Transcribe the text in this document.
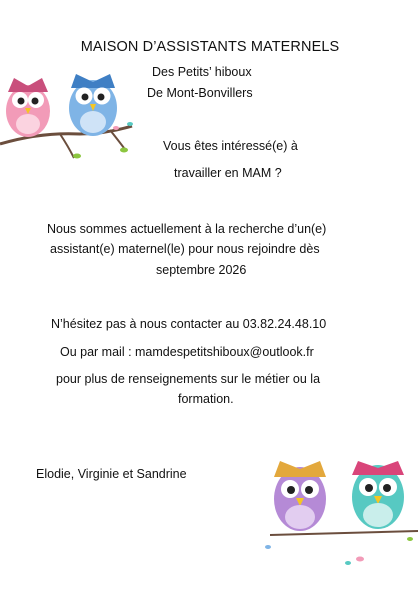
MAISON D’ASSISTANTS MATERNELS
Des Petits’ hiboux
De Mont-Bonvillers
Vous êtes intéressé(e) à
travailler en MAM ?
Nous sommes actuellement à la recherche d’un(e)
assistant(e) maternel(le) pour nous rejoindre dès
septembre 2026
N’hésitez pas à nous contacter au 03.82.24.48.10
Ou par mail : mamdespetitshiboux@outlook.fr
pour plus de renseignements sur le métier ou la
formation.
Elodie, Virginie et Sandrine
